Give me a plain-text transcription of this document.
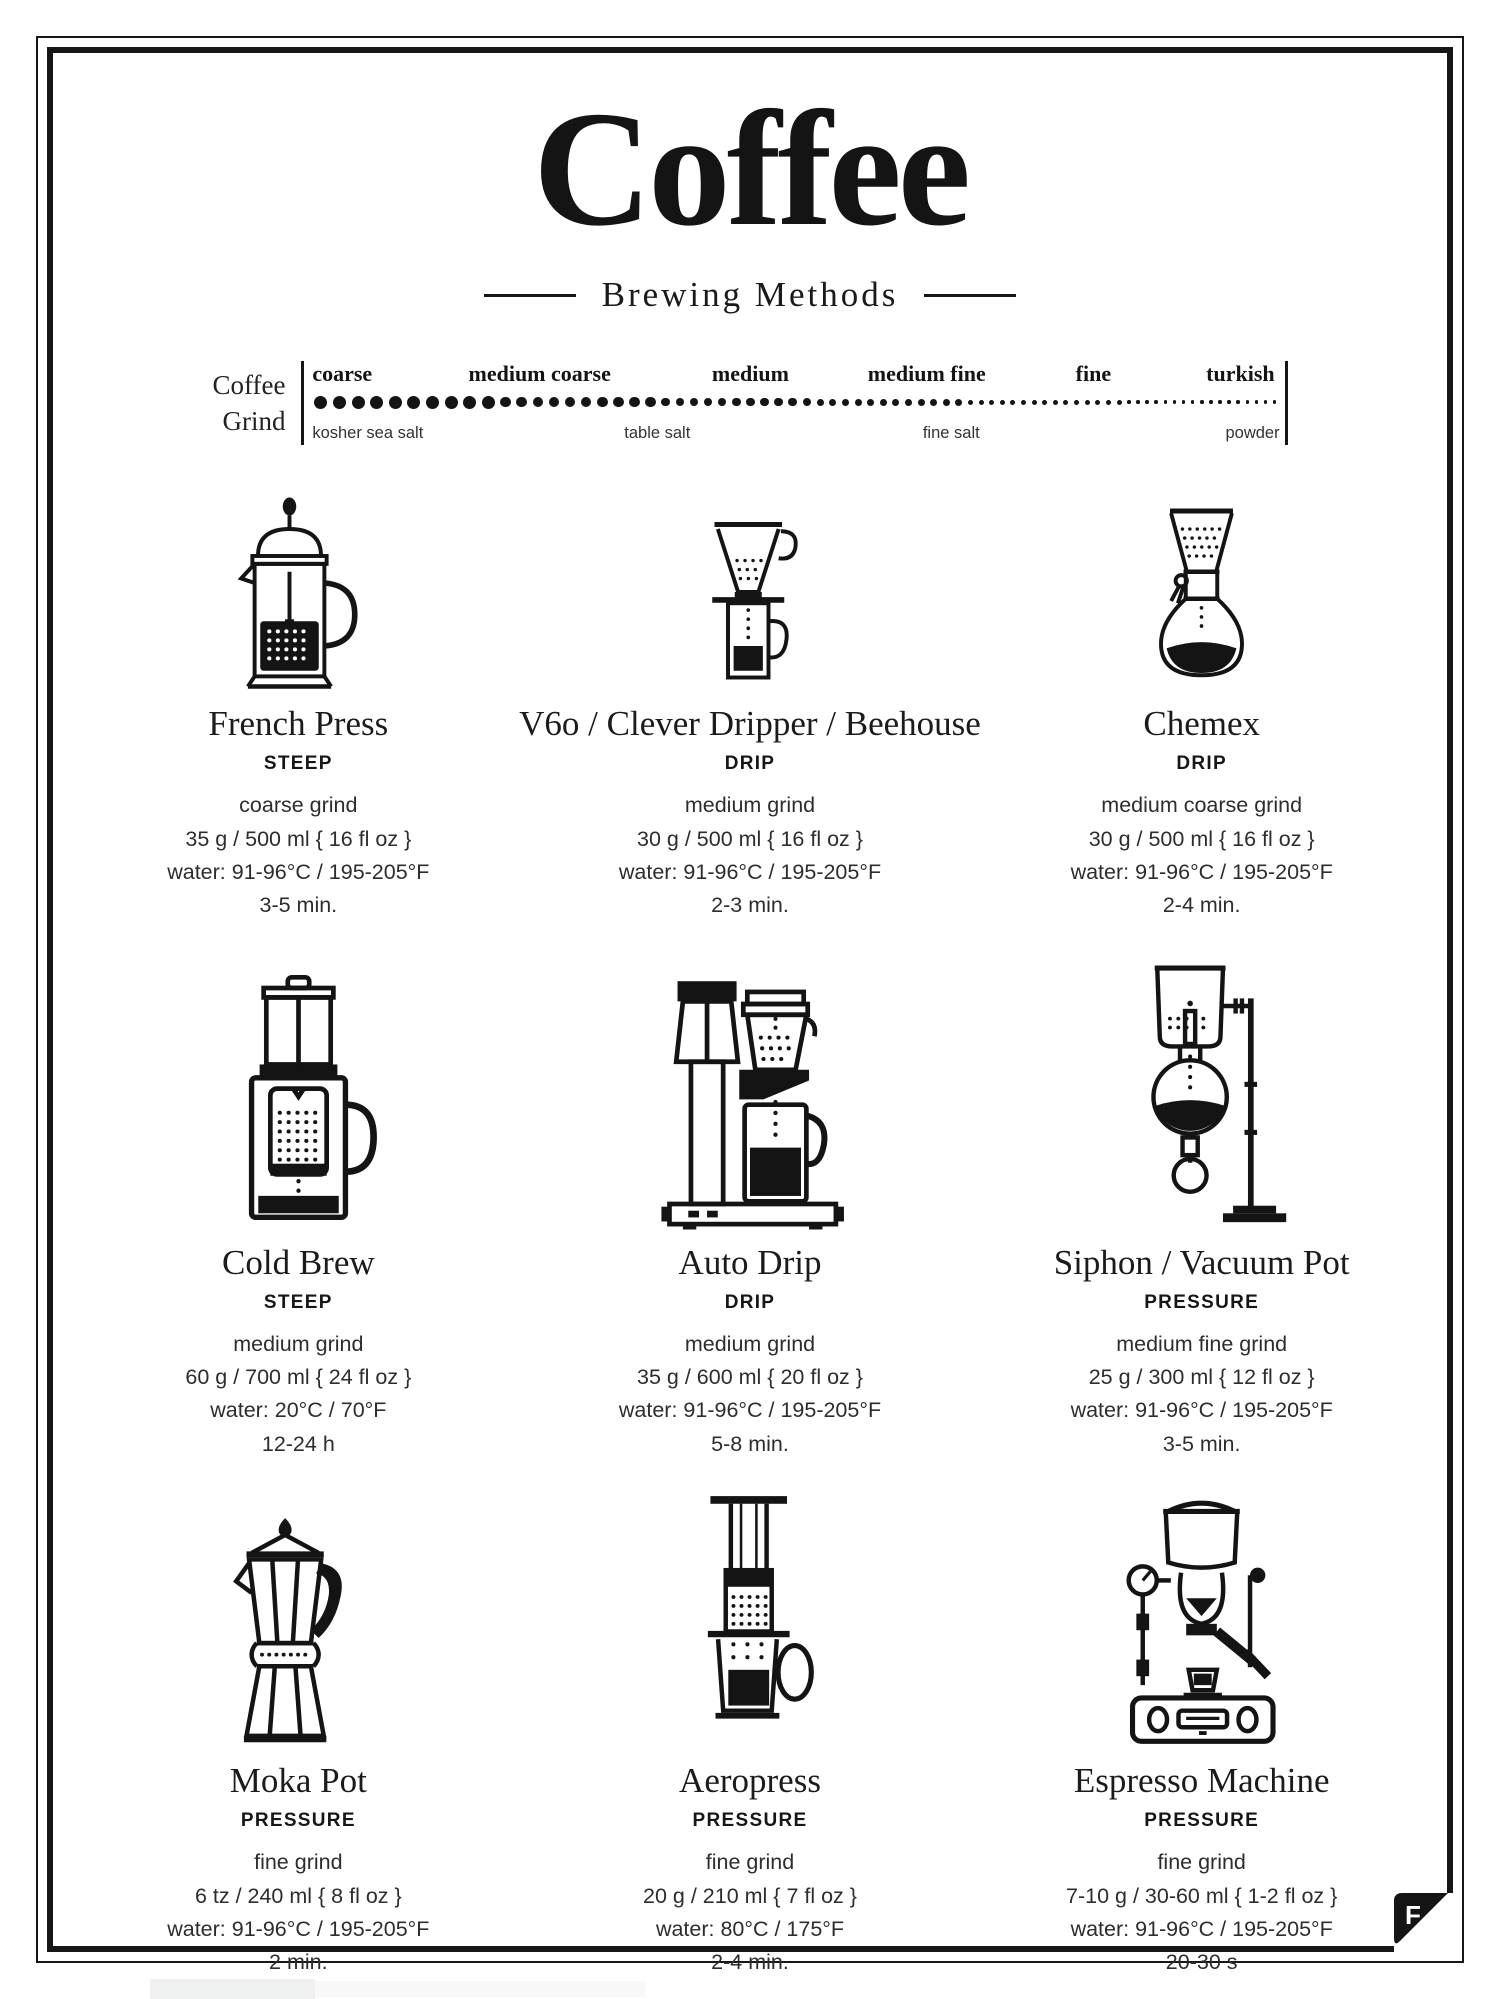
Coffee
Brewing Methods
Coffee
Grind
coarse	medium coarse	medium	medium fine	fine	turkish
kosher sea salt	table salt	fine salt	powder
French Press
STEEP
coarse grind
35 g / 500 ml { 16 fl oz }
water: 91-96°C / 195-205°F
3-5 min.
V6o / Clever Dripper / Beehouse
DRIP
medium grind
30 g / 500 ml { 16 fl oz }
water: 91-96°C / 195-205°F
2-3 min.
Chemex
DRIP
medium coarse grind
30 g / 500 ml { 16 fl oz }
water: 91-96°C / 195-205°F
2-4 min.
Cold Brew
STEEP
medium grind
60 g / 700 ml { 24 fl oz }
water: 20°C / 70°F
12-24 h
Auto Drip
DRIP
medium grind
35 g / 600 ml { 20 fl oz }
water: 91-96°C / 195-205°F
5-8 min.
Siphon / Vacuum Pot
PRESSURE
medium fine grind
25 g / 300 ml { 12 fl oz }
water: 91-96°C / 195-205°F
3-5 min.
Moka Pot
PRESSURE
fine grind
6 tz / 240 ml { 8 fl oz }
water: 91-96°C / 195-205°F
2 min.
Aeropress
PRESSURE
fine grind
20 g / 210 ml { 7 fl oz }
water: 80°C / 175°F
2-4 min.
Espresso Machine
PRESSURE
fine grind
7-10 g / 30-60 ml { 1-2 fl oz }
water: 91-96°C / 195-205°F
20-30 s
F
